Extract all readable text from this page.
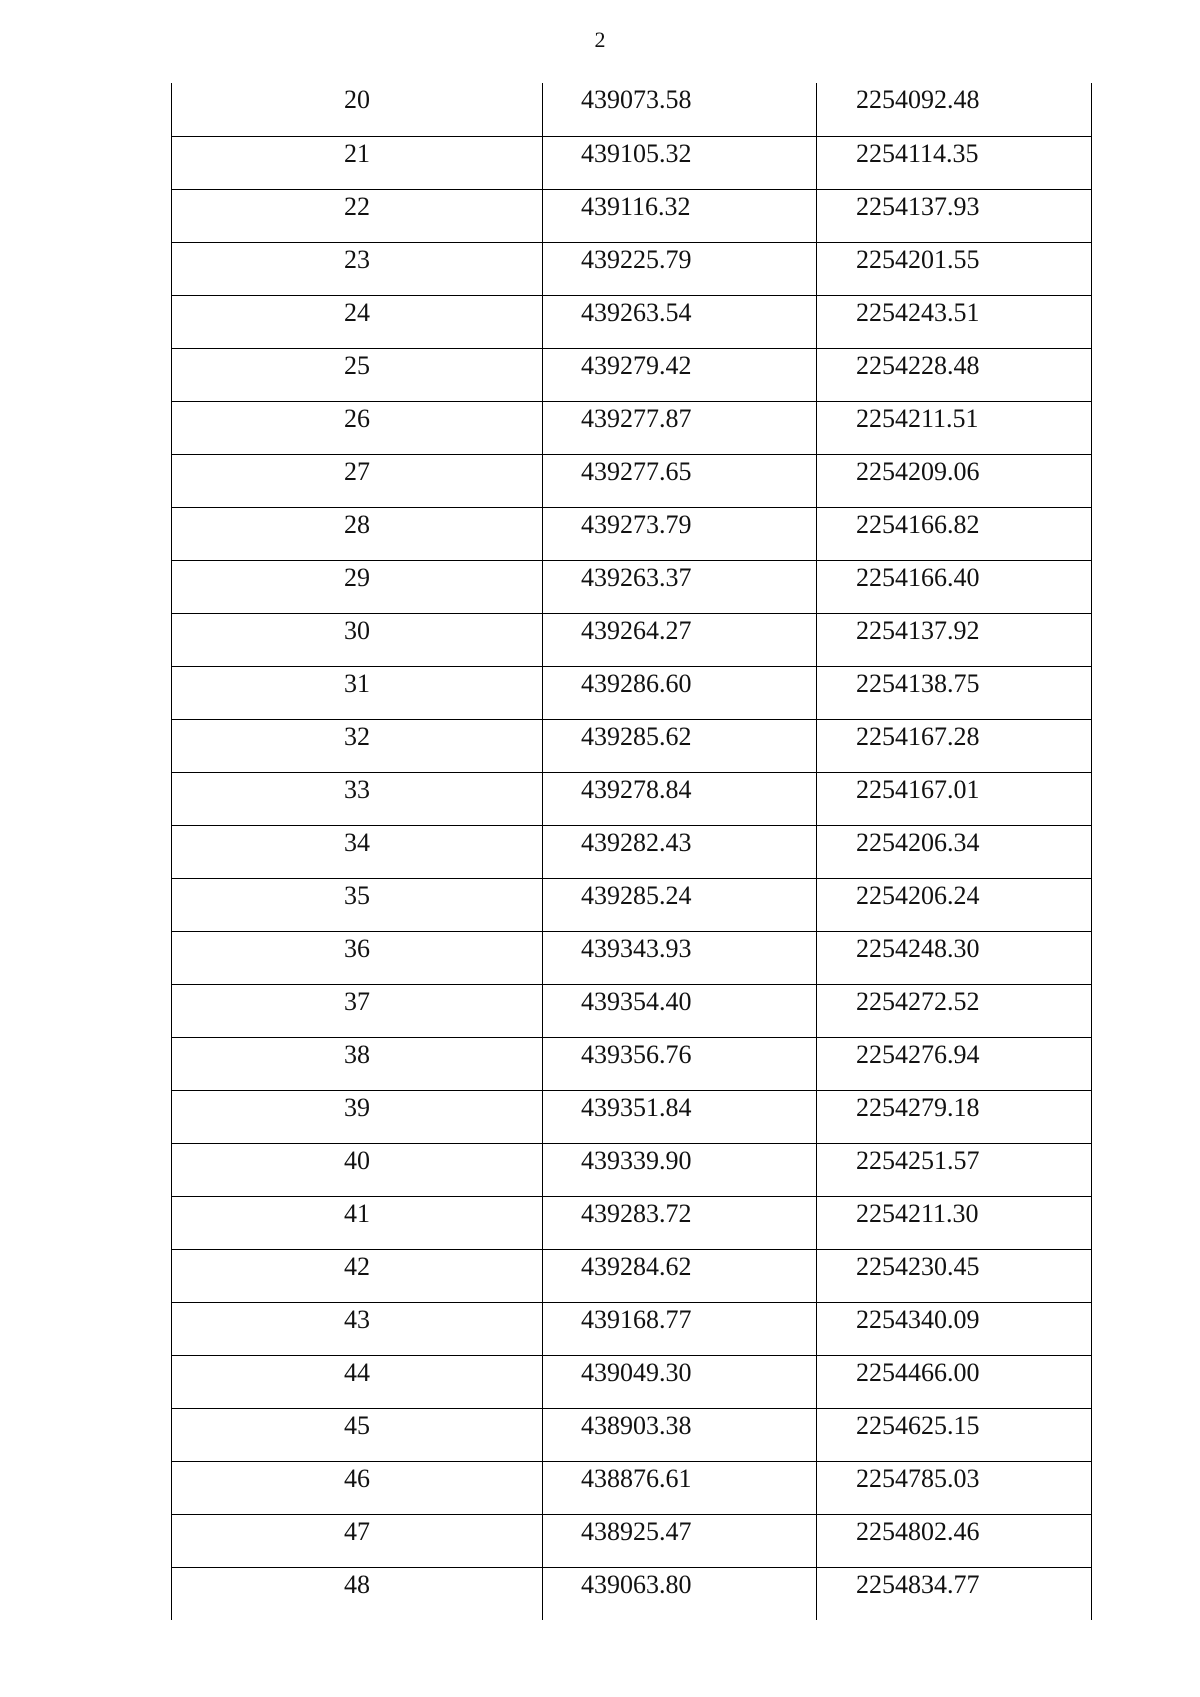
2
20	439073.58	2254092.48

21	439105.32	2254114.35

22	439116.32	2254137.93

23	439225.79	2254201.55

24	439263.54	2254243.51

25	439279.42	2254228.48

26	439277.87	2254211.51

27	439277.65	2254209.06

28	439273.79	2254166.82

29	439263.37	2254166.40

30	439264.27	2254137.92

31	439286.60	2254138.75

32	439285.62	2254167.28

33	439278.84	2254167.01

34	439282.43	2254206.34

35	439285.24	2254206.24

36	439343.93	2254248.30

37	439354.40	2254272.52

38	439356.76	2254276.94

39	439351.84	2254279.18

40	439339.90	2254251.57

41	439283.72	2254211.30

42	439284.62	2254230.45

43	439168.77	2254340.09

44	439049.30	2254466.00

45	438903.38	2254625.15

46	438876.61	2254785.03

47	438925.47	2254802.46

48	439063.80	2254834.77
